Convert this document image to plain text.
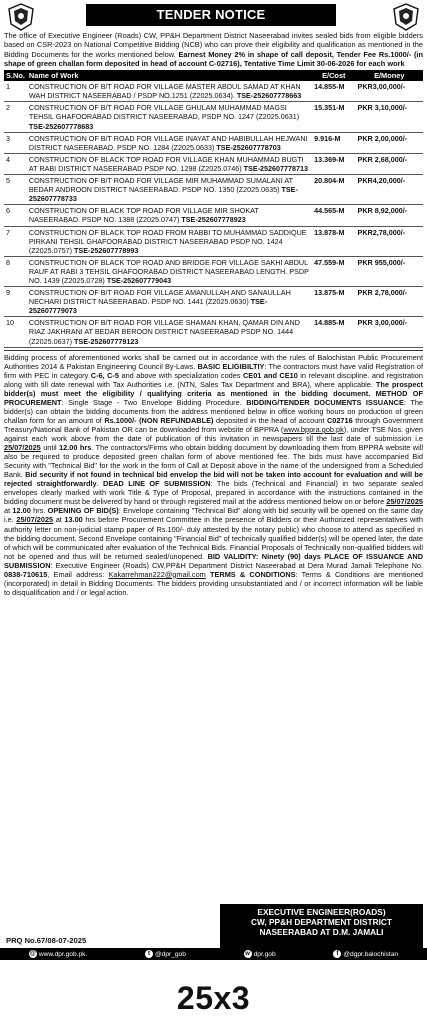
TENDER NOTICE
The office of Executive Engineer (Roads) CW, PP&H Department District Naseerabad invites sealed bids from eligible bidders based on CSR-2023 on National Competitive Bidding (NCB) who can prove their eligibility and qualification as mentioned in the Bidding Documents for the works mentioned below. Earnest Money 2% in shape of call deposit, Tender Fee Rs.1000/- (in shape of green challan form deposited in head of account C-02716), Tentative Time Limit 30-06-2026 for each work
S.No.	Name of Work	E/Cost	E/Money
1	CONSTRUCTION OF B/T ROAD FOR VILLAGE MASTER ABDUL SAMAD AT KHAN WAH DISTRICT NASEERABAD / PSDP NO.1251 (Z2025.0634). TSE-252607778663	14.855-M	PKR3,00,000/-
2	CONSTRUCTION OF B/T ROAD FOR VILLAGE GHULAM MUHAMMAD MAGSI TEHSIL GHAFOORABAD DISTRICT NASEERABAD, PSDP NO. 1247 (Z2025.0631) TSE-252607778683	15.351-M	PKR 3,10,000/-
3	CONSTRUCTION OF B/T ROAD FOR VILLAGE INAYAT AND HABIBULLAH HEJWANI DISTRICT NASEERABAD. PSDP NO. 1284 (Z2025.0633) TSE-252607778703	9.916-M	PKR 2,00,000/-
4	CONSTRUCTION OF BLACK TOP ROAD FOR VILLAGE KHAN MUHAMMAD BUGTI AT RABI DISTRICT NASEERABAD PSDP NO. 1298 (Z2025.0746) TSE-252607778713	13.369-M	PKR 2,68,000/-
5	CONSTRUCTION OF B/T ROAD FOR VILLAGE MIR MUHAMMAD SUMALANI AT BEDAR ANDROON DISTRICT NASEERABAD. PSDP NO. 1350 (Z2025.0635) TSE-252607778733	20.804-M	PKR4,20,000/-
6	CONSTRUCTION OF BLACK TOP ROAD FOR VILLAGE MIR SHOKAT NASEERABAD. PSDP NO. 1388 (Z2025.0747) TSE-252607778923	44.565-M	PKR 8,92,000/-
7	CONSTRUCTION OF BLACK TOP ROAD FROM RABBI TO MUHAMMAD SADDIQUE PIRKANI TEHSIL GHAFOORABAD DISTRICT NASEERABAD PSDP NO. 1424 (Z2025.0757) TSE-252607778993	13.878-M	PKR2,78,000/-
8	CONSTRUCTION OF BLACK TOP ROAD AND BRIDGE FOR VILLAGE SAKHI ABDUL RAUF AT RABI 3 TEHSIL GHAFOORABAD DISTRICT NASEERABAD LENGTH. PSDP NO. 1439 (Z2025.0728) TSE-252607779043	47.559-M	PKR 955,000/-
9	CONSTRUCTION OF B/T ROAD FOR VILLAGE AMANULLAH AND SANAULLAH NECHARI DISTRICT NASEERABAD. PSDP NO. 1441 (Z2025.0630) TSE-252607779073	13.875-M	PKR 2,78,000/-
10	CONSTRUCTION OF B/T ROAD FOR VILLAGE SHAMAN KHAN, QAMAR DIN AND RIAZ JAKHRANI AT BEDAR BEROON DISTRICT NASEERABAD PSDP NO. 1444 (Z2025.0637) TSE-252607779123	14.885-M	PKR 3,00,000/-
Bidding process of aforementioned works shall be carried out in accordance with the rules of Balochistan Public Procurement Authorities 2014 & Pakistan Engineering Council By-Laws. BASIC ELIGIBILTIY: The contractors must have valid Registration of firm with PEC in category C-6, C-5 and above with specialization codes CE01 and CE10 in relevant discipline. and registration along with till date renewal with Tax Authorities i.e. (NTN, Sales Tax Department and BRA), where applicable. The prospect bidder(s) must meet the eligibility / qualifying criteria as mentioned in the bidding document. METHOD OF PROCUREMENT: Single Stage - Two Envelope Bidding Procedure. BIDDING/TENDER DOCUMENTS ISSUANCE: The bidder(s) can obtain the bidding documents from the address mentioned below in office working hours on production of green challan form for an amount of Rs.1000/- (NON REFUNDABLE) deposited in the head of account C02716 through Government Treasury/National Bank of Pakistan OR can be downloaded from website of BPPRA (www.bppra.gob.pk), under TSE Nos. given against each work above from the date of publication of this invitation in newspapers till the last date of submission i.e 25/07/2025 until 12.00 hrs. The contractors/Firms who obtain bidding document by downloading them from BPPRA website will also be required to produce deposited green challan form of above mentioned fee. The bids must have accompanied Bid Security with "Technical Bid" for the work in the form of Call at Deposit above in the name of the undersigned from a Scheduled Bank. Bid security if not found in technical bid envelop the bid will not be taken into account for evaluation and will be rejected straightforwardly. DEAD LINE OF SUBMISSION: The bids (Technical and Financial) in two separate sealed envelopes clearly marked with work Title & Type of Proposal, prepared in accordance with the instructions contained in the bidding document must be delivered by hand or through registered mail at the address mentioned below on or before 25/07/2025 at 12.00 hrs. OPENING OF BID(S): Envelope containing "Technical Bid" along with bid security will be opened on the same day i.e. 25/07/2025 at 13.00 hrs before Procurement Committee in the presence of Bidders or their Authorized representatives with authority letter on non-judicial stamp paper of Rs.100/- duly attested by the notary public) who choose to attend as specified in the bidding document. Second Envelope containing "Financial Bid" of technically qualified bidder(s) will be opened later, the date of which will be communicated after evaluation of the Technical Bids. Financial Proposals of Technically non-qualified bidders will not be opened and thus will be returned sealed/unopened. BID VALIDITY: Ninety (90) days PLACE OF ISSUANCE AND SUBMISSION: Executive Engineer (Roads) CW,PP&H Department District Naseerabad at Dera Murad Jamali Telephone No. 0838-710615, Email address: Kakarrehman222@gmail.com TERMS & CONDITIONS: Terms & Conditions are mentioned (incorporated) in detail in Bidding Documents. The bidders providing unsubstantiated and / or incorrect information will be liable to disqualification and / or legal action.
EXECUTIVE ENGINEER(ROADS)
CW, PP&H DEPARTMENT DISTRICT
NASEERABAD AT D.M. JAMALI
PRQ No.67/08-07-2025
@ www.dpr.gob.pk.	t @dpr_gob	w dpr.gob	f @dgpr.balochistan
25x3
